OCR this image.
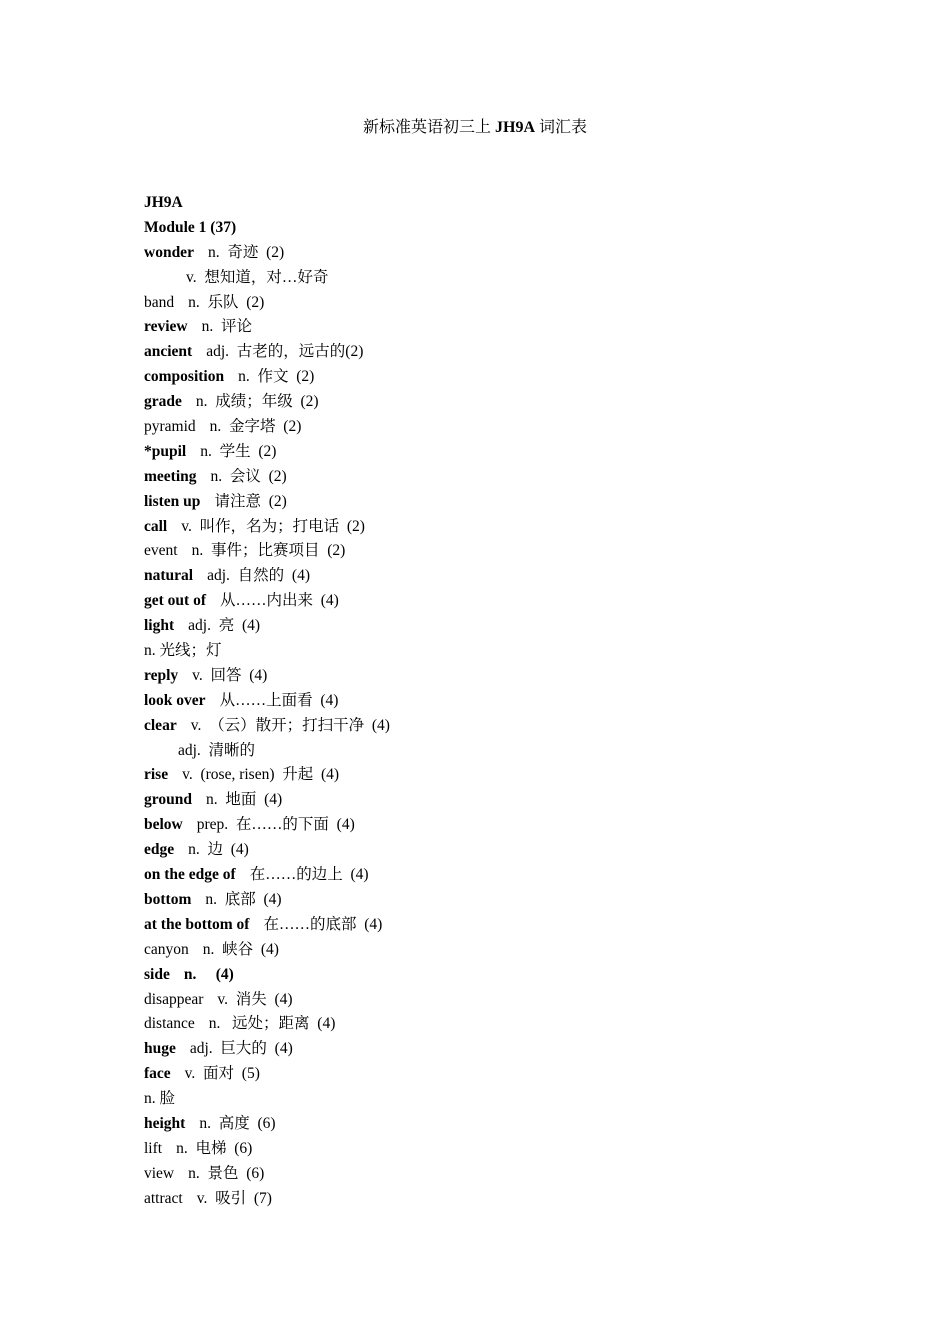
新标准英语初三上 JH9A 词汇表
JH9A
Module 1 (37)
wonder n.  奇迹  (2)
v.  想知道，对…好奇
band n.  乐队  (2)
review n.  评论
ancient adj.  古老的，远古的(2)
composition n.  作文  (2)
grade n.  成绩；年级  (2)
pyramid n.  金字塔  (2)
*pupil n.  学生  (2)
meeting n.  会议  (2)
listen up 请注意  (2)
call v.  叫作，名为；打电话  (2)
event n.  事件；比赛项目  (2)
natural adj.  自然的  (4)
get out of 从……内出来  (4)
light adj.  亮  (4)
n. 光线；灯
reply v.  回答  (4)
look over 从……上面看  (4)
clear v.  （云）散开；打扫干净  (4)
adj.  清晰的
rise v.  (rose, risen)  升起  (4)
ground n.  地面  (4)
below prep.  在……的下面  (4)
edge n.  边  (4)
on the edge of 在……的边上  (4)
bottom n.  底部  (4)
at the bottom of 在……的底部  (4)
canyon n.  峡谷  (4)
side n.     (4)
disappear v.  消失  (4)
distance n.   远处；距离  (4)
huge adj.  巨大的  (4)
face v.  面对  (5)
n. 脸
height n.  高度  (6)
lift n.  电梯  (6)
view n.  景色  (6)
attract v.  吸引  (7)
